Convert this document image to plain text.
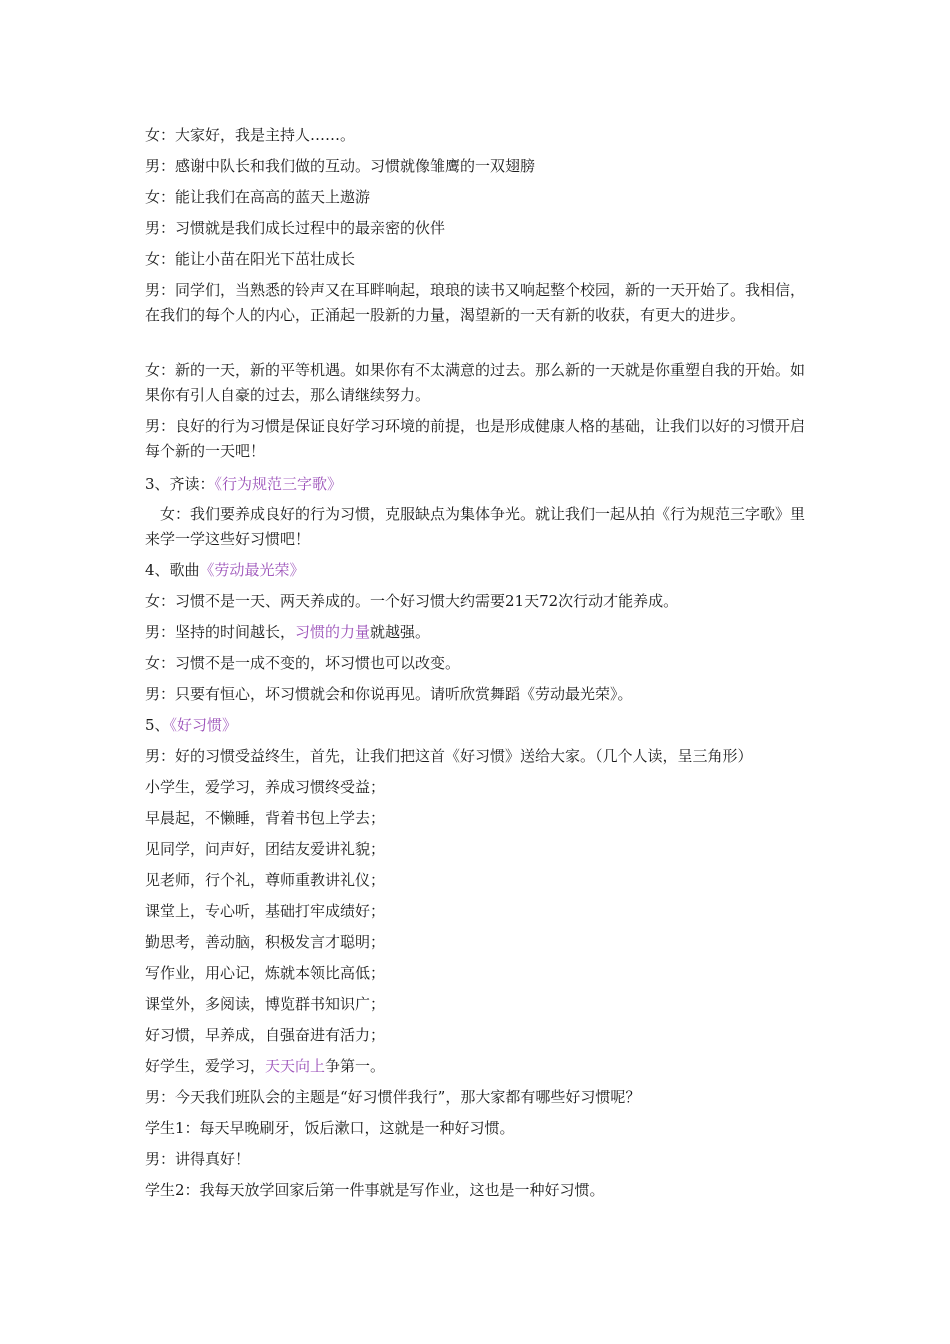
女：大家好，我是主持人……。
男：感谢中队长和我们做的互动。习惯就像雏鹰的一双翅膀
女：能让我们在高高的蓝天上遨游
男：习惯就是我们成长过程中的最亲密的伙伴
女：能让小苗在阳光下茁壮成长
男：同学们，当熟悉的铃声又在耳畔响起，琅琅的读书又响起整个校园，新的一天开始了。我相信，在我们的每个人的内心，正涌起一股新的力量，渴望新的一天有新的收获，有更大的进步。
女：新的一天，新的平等机遇。如果你有不太满意的过去。那么新的一天就是你重塑自我的开始。如果你有引人自豪的过去，那么请继续努力。
男：良好的行为习惯是保证良好学习环境的前提，也是形成健康人格的基础，让我们以好的习惯开启每个新的一天吧！
3、齐读：《行为规范三字歌》
女：我们要养成良好的行为习惯，克服缺点为集体争光。就让我们一起从拍《行为规范三字歌》里来学一学这些好习惯吧！
4、歌曲《劳动最光荣》
女：习惯不是一天、两天养成的。一个好习惯大约需要21天72次行动才能养成。
男：坚持的时间越长，习惯的力量就越强。
女：习惯不是一成不变的，坏习惯也可以改变。
男：只要有恒心，坏习惯就会和你说再见。请听欣赏舞蹈《劳动最光荣》。
5、《好习惯》
男：好的习惯受益终生，首先，让我们把这首《好习惯》送给大家。（几个人读，呈三角形）
小学生，爱学习，养成习惯终受益；
早晨起，不懒睡，背着书包上学去；
见同学，问声好，团结友爱讲礼貌；
见老师，行个礼，尊师重教讲礼仪；
课堂上，专心听，基础打牢成绩好；
勤思考，善动脑，积极发言才聪明；
写作业，用心记，炼就本领比高低；
课堂外，多阅读，博览群书知识广；
好习惯，早养成，自强奋进有活力；
好学生，爱学习，天天向上争第一。
男：今天我们班队会的主题是“好习惯伴我行”，那大家都有哪些好习惯呢？
学生1：每天早晚刷牙，饭后漱口，这就是一种好习惯。
男：讲得真好！
学生2：我每天放学回家后第一件事就是写作业，这也是一种好习惯。
